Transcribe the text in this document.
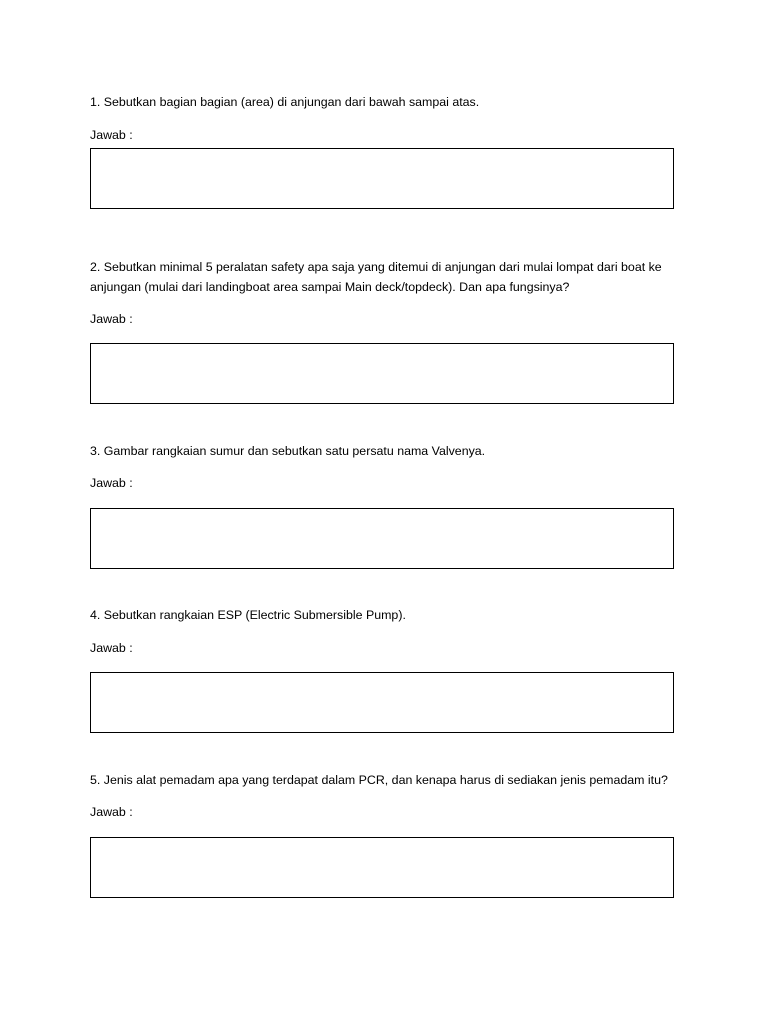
1. Sebutkan bagian bagian (area) di anjungan dari bawah sampai atas.

Jawab :

2. Sebutkan minimal 5 peralatan safety apa saja yang ditemui di anjungan dari mulai lompat dari boat ke anjungan (mulai dari landingboat area sampai Main deck/topdeck). Dan apa fungsinya?

Jawab :

3. Gambar rangkaian sumur dan sebutkan satu persatu nama Valvenya.

Jawab :

4. Sebutkan rangkaian ESP (Electric Submersible Pump).

Jawab :

5. Jenis alat pemadam apa yang terdapat dalam PCR, dan kenapa harus di sediakan jenis pemadam itu?

Jawab :
